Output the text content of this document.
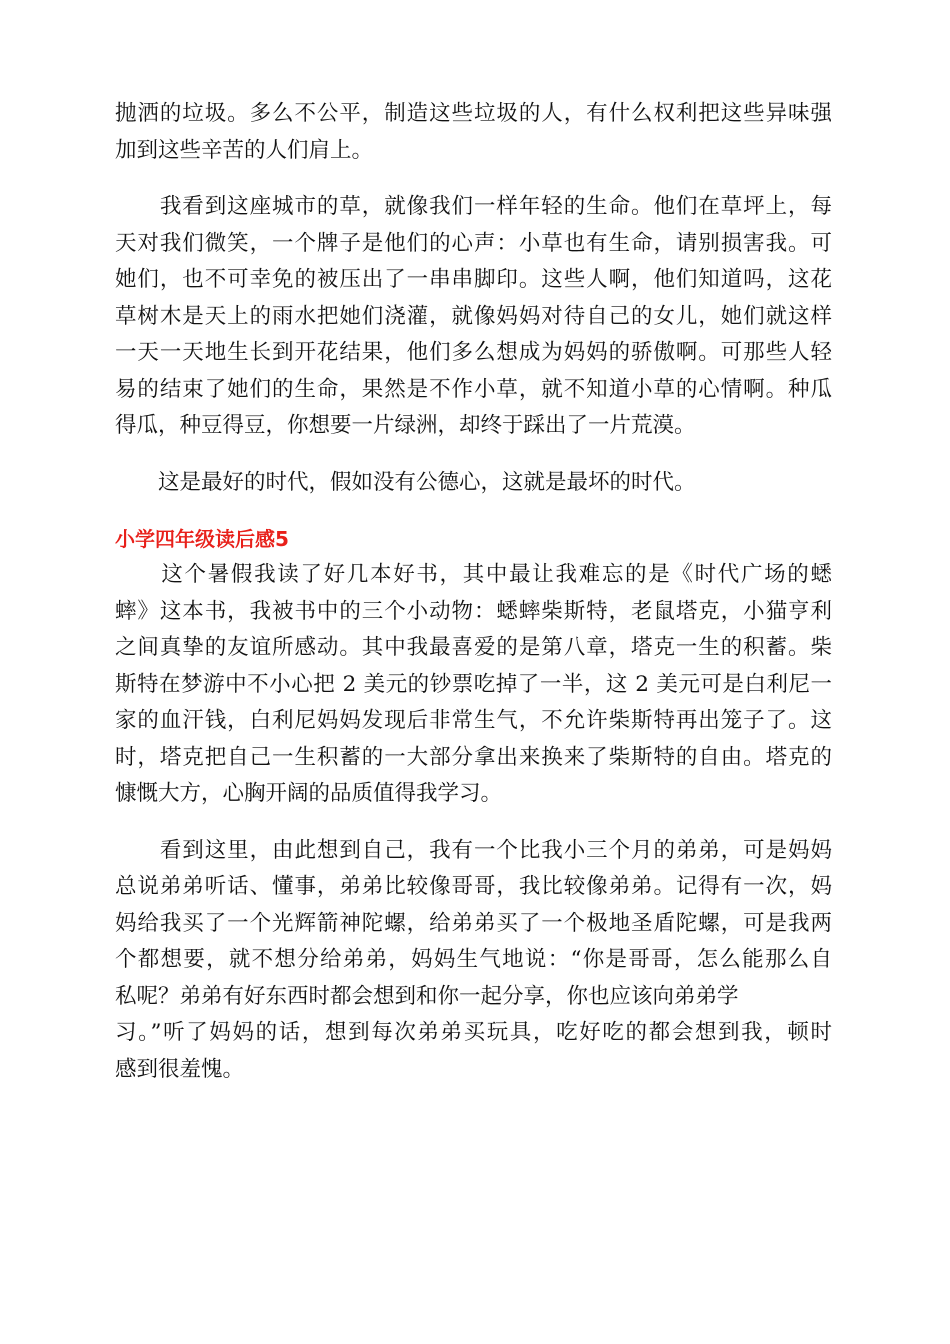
抛洒的垃圾。多么不公平，制造这些垃圾的人，有什么权利把这些异味强
加到这些辛苦的人们肩上。

　　我看到这座城市的草，就像我们一样年轻的生命。他们在草坪上，每
天对我们微笑，一个牌子是他们的心声：小草也有生命，请别损害我。可
她们，也不可幸免的被压出了一串串脚印。这些人啊，他们知道吗，这花
草树木是天上的雨水把她们浇灌，就像妈妈对待自己的女儿，她们就这样
一天一天地生长到开花结果，他们多么想成为妈妈的骄傲啊。可那些人轻
易的结束了她们的生命，果然是不作小草，就不知道小草的心情啊。种瓜
得瓜，种豆得豆，你想要一片绿洲，却终于踩出了一片荒漠。

　　这是最好的时代，假如没有公德心，这就是最坏的时代。

小学四年级读后感5

　　这个暑假我读了好几本好书，其中最让我难忘的是《时代广场的蟋
蟀》这本书，我被书中的三个小动物：蟋蟀柴斯特，老鼠塔克，小猫亨利
之间真挚的友谊所感动。其中我最喜爱的是第八章，塔克一生的积蓄。柴
斯特在梦游中不小心把 2 美元的钞票吃掉了一半，这 2 美元可是白利尼一
家的血汗钱，白利尼妈妈发现后非常生气，不允许柴斯特再出笼子了。这
时，塔克把自己一生积蓄的一大部分拿出来换来了柴斯特的自由。塔克的
慷慨大方，心胸开阔的品质值得我学习。

　　看到这里，由此想到自己，我有一个比我小三个月的弟弟，可是妈妈
总说弟弟听话、懂事，弟弟比较像哥哥，我比较像弟弟。记得有一次，妈
妈给我买了一个光辉箭神陀螺，给弟弟买了一个极地圣盾陀螺，可是我两
个都想要，就不想分给弟弟，妈妈生气地说：“你是哥哥，怎么能那么自
私呢？弟弟有好东西时都会想到和你一起分享，你也应该向弟弟学
习。”听了妈妈的话，想到每次弟弟买玩具，吃好吃的都会想到我，顿时
感到很羞愧。
